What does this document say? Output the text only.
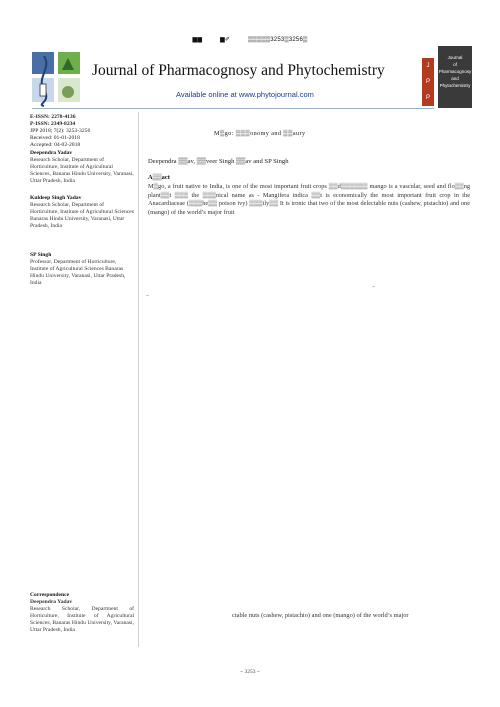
▆▆	▆✐	▒▒▒▒▒3253▒3256▒
Journal of Pharmacognosy and Phytochemistry
Available online at www.phytojournal.com
J
P
P
Journal
of
Pharmacognosy
and
Phytochemistry
E-ISSN: 2278-4136
P-ISSN: 2349-8234
JPP 2018; 7(2): 3253-3256
Received: 01-01-2018
Accepted: 04-02-2018
Deependra Yadav
Research Scholar, Department of Horticulture, Institute of Agricultural Sciences, Banaras Hindu University, Varanasi, Uttar Pradesh, India
Kuldeep Singh Yadav
Research Scholar, Department of Horticulture, Institute of Agricultural Sciences Banaras Hindu University, Varanasi, Uttar Pradesh, India
SP Singh
Professor, Department of Horticulture, Institute of Agricultural Sciences Banaras Hindu University, Varanasi, Uttar Pradesh, India
Correspondence
Deependra Yadav
Research Scholar, Department of Horticulture, Institute of Agricultural Sciences, Banaras Hindu University, Varanasi, Uttar Pradesh, India
M▒go: ▒▒▒onomy and ▒▒aury
Deependra ▒▒av, ▒▒veer Singh ▒▒av and SP Singh
A▒▒act
M▒go, a fruit native to India, is one of the most important fruit crops ▒▒d▒▒▒▒▒▒ mango is a vascular, seed and flo▒▒ng plant▒▒t ▒▒▒ the ▒▒▒nical name as - Mangifera indica ▒▒t is economically the most important fruit crop in the Anacardiaceae (▒▒▒he▒▒ poison ivy) ▒▒▒ily▒▒ It is ironic that two of the most delectable nuts (cashew, pistachio) and one (mango) of the world’s major fruit
–
–
ctable nuts (cashew, pistachio) and one (mango) of the world’s major
~ 3253 ~
